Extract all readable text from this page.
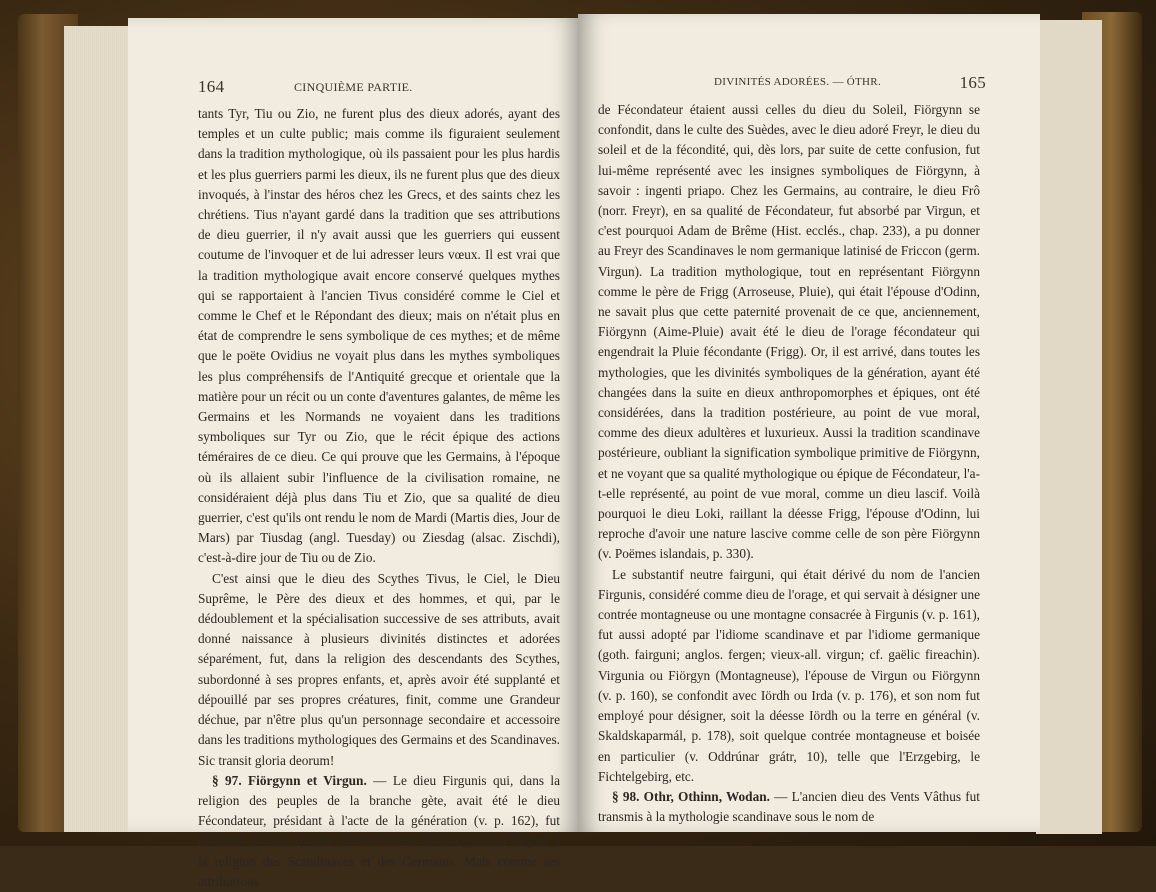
164	CINQUIÈME PARTIE.

tants Tyr, Tiu ou Zio, ne furent plus des dieux adorés, ayant des temples et un culte public; mais comme ils figuraient seulement dans la tradition mythologique, où ils passaient pour les plus hardis et les plus guerriers parmi les dieux, ils ne furent plus que des dieux invoqués, à l'instar des héros chez les Grecs, et des saints chez les chrétiens. Tius n'ayant gardé dans la tradition que ses attributions de dieu guerrier, il n'y avait aussi que les guerriers qui eussent coutume de l'invoquer et de lui adresser leurs vœux. Il est vrai que la tradition mythologique avait encore conservé quelques mythes qui se rapportaient à l'ancien Tivus considéré comme le Ciel et comme le Chef et le Répondant des dieux; mais on n'était plus en état de comprendre le sens symbolique de ces mythes; et de même que le poëte Ovidius ne voyait plus dans les mythes symboliques les plus compréhensifs de l'Antiquité grecque et orientale que la matière pour un récit ou un conte d'aventures galantes, de même les Germains et les Normands ne voyaient dans les traditions symboliques sur Tyr ou Zio, que le récit épique des actions téméraires de ce dieu. Ce qui prouve que les Germains, à l'époque où ils allaient subir l'influence de la civilisation romaine, ne considéraient déjà plus dans Tiu et Zio, que sa qualité de dieu guerrier, c'est qu'ils ont rendu le nom de Mardi (Martis dies, Jour de Mars) par Tiusdag (angl. Tuesday) ou Ziesdag (alsac. Zischdi), c'est-à-dire jour de Tiu ou de Zio.

C'est ainsi que le dieu des Scythes Tivus, le Ciel, le Dieu Suprême, le Père des dieux et des hommes, et qui, par le dédoublement et la spécialisation successive de ses attributs, avait donné naissance à plusieurs divinités distinctes et adorées séparément, fut, dans la religion des descendants des Scythes, subordonné à ses propres enfants, et, après avoir été supplanté et dépouillé par ses propres créatures, finit, comme une Grandeur déchue, par n'être plus qu'un personnage secondaire et accessoire dans les traditions mythologiques des Germains et des Scandinaves. Sic transit gloria deorum!

§ 97. Fiörgynn et Virgun. — Le dieu Firgunis qui, dans la religion des peuples de la branche gète, avait été le dieu Fécondateur, présidant à l'acte de la génération (v. p. 162), fut transmis, en cette qualité, et sous le nom de Fiörgynn ou Virgun, à la religion des Scandinaves et des Germains. Mais comme ses attributions

DIVINITÉS ADORÉES. — ÓTHR.	165

de Fécondateur étaient aussi celles du dieu du Soleil, Fiörgynn se confondit, dans le culte des Suèdes, avec le dieu adoré Freyr, le dieu du soleil et de la fécondité, qui, dès lors, par suite de cette confusion, fut lui-même représenté avec les insignes symboliques de Fiörgynn, à savoir : ingenti priapo. Chez les Germains, au contraire, le dieu Frô (norr. Freyr), en sa qualité de Fécondateur, fut absorbé par Virgun, et c'est pourquoi Adam de Brême (Hist. ecclés., chap. 233), a pu donner au Freyr des Scandinaves le nom germanique latinisé de Friccon (germ. Virgun). La tradition mythologique, tout en représentant Fiörgynn comme le père de Frigg (Arroseuse, Pluie), qui était l'épouse d'Odinn, ne savait plus que cette paternité provenait de ce que, anciennement, Fiörgynn (Aime-Pluie) avait été le dieu de l'orage fécondateur qui engendrait la Pluie fécondante (Frigg). Or, il est arrivé, dans toutes les mythologies, que les divinités symboliques de la génération, ayant été changées dans la suite en dieux anthropomorphes et épiques, ont été considérées, dans la tradition postérieure, au point de vue moral, comme des dieux adultères et luxurieux. Aussi la tradition scandinave postérieure, oubliant la signification symbolique primitive de Fiörgynn, et ne voyant que sa qualité mythologique ou épique de Fécondateur, l'a-t-elle représenté, au point de vue moral, comme un dieu lascif. Voilà pourquoi le dieu Loki, raillant la déesse Frigg, l'épouse d'Odinn, lui reproche d'avoir une nature lascive comme celle de son père Fiörgynn (v. Poëmes islandais, p. 330).

Le substantif neutre fairguni, qui était dérivé du nom de l'ancien Firgunis, considéré comme dieu de l'orage, et qui servait à désigner une contrée montagneuse ou une montagne consacrée à Firgunis (v. p. 161), fut aussi adopté par l'idiome scandinave et par l'idiome germanique (goth. fairguni; anglos. fergen; vieux-all. virgun; cf. gaëlic fireachin). Virgunia ou Fiörgyn (Montagneuse), l'épouse de Virgun ou Fiörgynn (v. p. 160), se confondit avec Iördh ou Irda (v. p. 176), et son nom fut employé pour désigner, soit la déesse Iördh ou la terre en général (v. Skaldskaparmál, p. 178), soit quelque contrée montagneuse et boisée en particulier (v. Oddrúnar grátr, 10), telle que l'Erzgebirg, le Fichtelgebirg, etc.

§ 98. Othr, Othinn, Wodan. — L'ancien dieu des Vents Vâthus fut transmis à la mythologie scandinave sous le nom de
